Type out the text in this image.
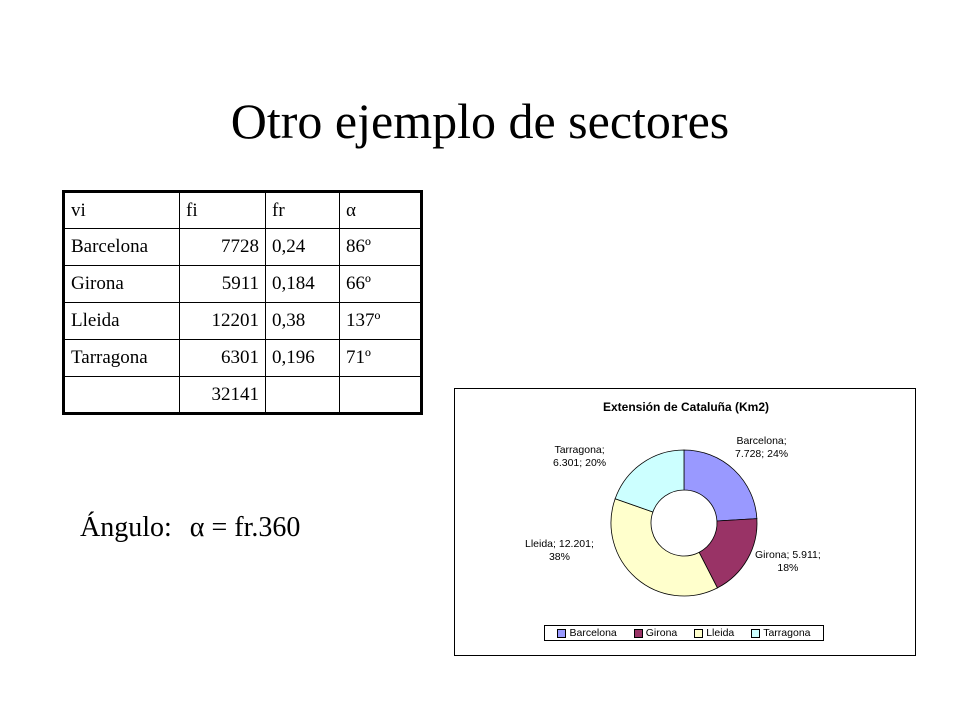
Otro ejemplo de sectores
vi	fi	fr	α
Barcelona	7728	0,24	86º
Girona	5911	0,184	66º
Lleida	12201	0,38	137º
Tarragona	6301	0,196	71º
	32141		
Ángulo: α = fr.360
Extensión de Cataluña (Km2)
Barcelona;
7.728; 24%
Girona; 5.911;
18%
Lleida; 12.201;
38%
Tarragona;
6.301; 20%
Barcelona	Girona	Lleida	Tarragona
